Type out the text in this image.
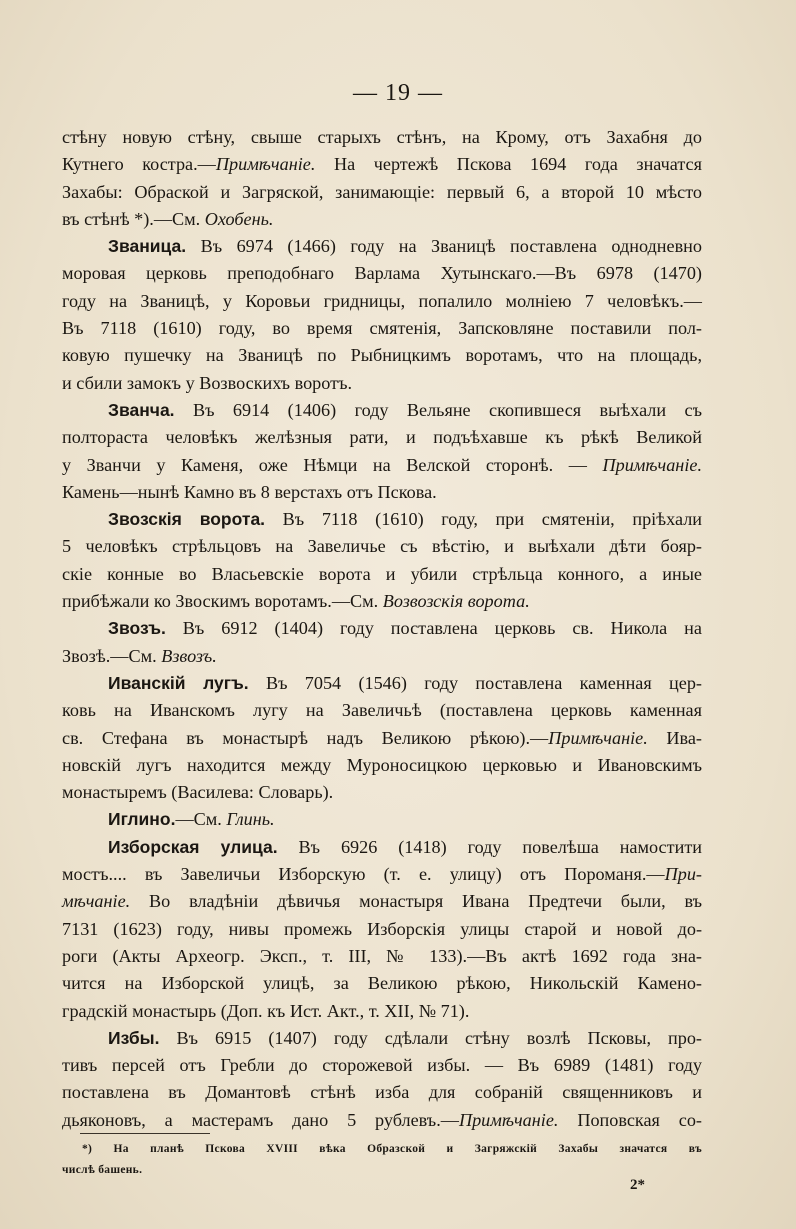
— 19 —
стѣну новую стѣну, свыше старыхъ стѣнъ, на Крому, отъ Захабня до
Кутнего костра.—Примѣчаніе. На чертежѣ Пскова 1694 года значатся
Захабы: Обраской и Загряской, занимающіе: первый 6, а второй 10 мѣсто
въ стѣнѣ *).—См. Охобень.
Званица. Въ 6974 (1466) году на Званицѣ поставлена однодневно
моровая церковь преподобнаго Варлама Хутынскаго.—Въ 6978 (1470)
году на Званицѣ, у Коровьи гридницы, попалило молніею 7 человѣкъ.—
Въ 7118 (1610) году, во время смятенія, Запсковляне поставили пол-
ковую пушечку на Званицѣ по Рыбницкимъ воротамъ, что на площадь,
и сбили замокъ у Возвоскихъ воротъ.
Званча. Въ 6914 (1406) году Вельяне скопившеся выѣхали съ
полтораста человѣкъ желѣзныя рати, и подъѣхавше къ рѣкѣ Великой
у Званчи у Каменя, оже Нѣмци на Велской сторонѣ. — Примѣчаніе.
Камень—нынѣ Камно въ 8 верстахъ отъ Пскова.
Звозскія ворота. Въ 7118 (1610) году, при смятеніи, пріѣхали
5 человѣкъ стрѣльцовъ на Завеличье съ вѣстію, и выѣхали дѣти бояр-
скіе конные во Власьевскіе ворота и убили стрѣльца конного, а иные
прибѣжали ко Звоскимъ воротамъ.—См. Возвозскія ворота.
Звозъ. Въ 6912 (1404) году поставлена церковь св. Никола на
Звозѣ.—См. Взвозъ.
Иванскій лугъ. Въ 7054 (1546) году поставлена каменная цер-
ковь на Иванскомъ лугу на Завеличьѣ (поставлена церковь каменная
св. Стефана въ монастырѣ надъ Великою рѣкою).—Примѣчаніе. Ива-
новскій лугъ находится между Муроносицкою церковью и Ивановскимъ
монастыремъ (Василева: Словарь).
Иглино.—См. Глинь.
Изборская улица. Въ 6926 (1418) году повелѣша намостити
мостъ.... въ Завеличьи Изборскую (т. е. улицу) отъ Пороманя.—При-
мѣчаніе. Во владѣніи дѣвичья монастыря Ивана Предтечи были, въ
7131 (1623) году, нивы промежь Изборскія улицы старой и новой до-
роги (Акты Археогр. Эксп., т. III, № 133).—Въ актѣ 1692 года зна-
чится на Изборской улицѣ, за Великою рѣкою, Никольскій Камено-
градскій монастырь (Доп. къ Ист. Акт., т. XII, № 71).
Избы. Въ 6915 (1407) году сдѣлали стѣну возлѣ Псковы, про-
тивъ персей отъ Гребли до сторожевой избы. — Въ 6989 (1481) году
поставлена въ Домантовѣ стѣнѣ изба для собраній священниковъ и
дьяконовъ, а мастерамъ дано 5 рублевъ.—Примѣчаніе. Поповская со-
*) На планѣ Пскова XVIII вѣка Образской и Загряжскій Захабы значатся въ
числѣ башень.
2*
